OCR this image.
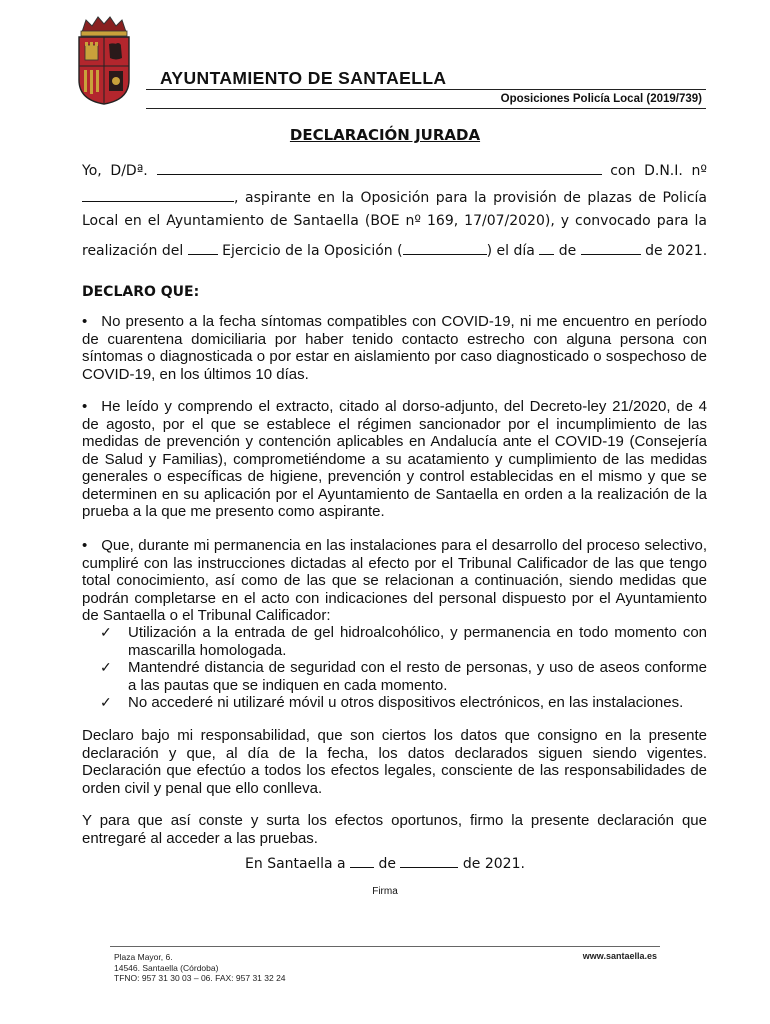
AYUNTAMIENTO DE SANTAELLA
Oposiciones Policía Local (2019/739)
DECLARACIÓN JURADA
Yo, D/Dª.	con D.N.I. nº
, aspirante en la Oposición para la provisión de plazas de Policía
Local en el Ayuntamiento de Santaella (BOE nº 169, 17/07/2020), y convocado para la
realización del	Ejercicio de la Oposición (	) el día de	de 2021.
DECLARO QUE:
• No presento a la fecha síntomas compatibles con COVID-19, ni me encuentro en período de cuarentena domiciliaria por haber tenido contacto estrecho con alguna persona con síntomas o diagnosticada o por estar en aislamiento por caso diagnosticado o sospechoso de COVID-19, en los últimos 10 días.
• He leído y comprendo el extracto, citado al dorso-adjunto, del Decreto-ley 21/2020, de 4 de agosto, por el que se establece el régimen sancionador por el incumplimiento de las medidas de prevención y contención aplicables en Andalucía ante el COVID-19 (Consejería de Salud y Familias), comprometiéndome a su acatamiento y cumplimiento de las medidas generales o específicas de higiene, prevención y control establecidas en el mismo y que se determinen en su aplicación por el Ayuntamiento de Santaella en orden a la realización de la prueba a la que me presento como aspirante.
• Que, durante mi permanencia en las instalaciones para el desarrollo del proceso selectivo, cumpliré con las instrucciones dictadas al efecto por el Tribunal Calificador de las que tengo total conocimiento, así como de las que se relacionan a continuación, siendo medidas que podrán completarse en el acto con indicaciones del personal dispuesto por el Ayuntamiento de Santaella o el Tribunal Calificador:
✓ Utilización a la entrada de gel hidroalcohólico, y permanencia en todo momento con mascarilla homologada.
✓ Mantendré distancia de seguridad con el resto de personas, y uso de aseos conforme a las pautas que se indiquen en cada momento.
✓ No accederé ni utilizaré móvil u otros dispositivos electrónicos, en las instalaciones.
Declaro bajo mi responsabilidad, que son ciertos los datos que consigno en la presente declaración y que, al día de la fecha, los datos declarados siguen siendo vigentes. Declaración que efectúo a todos los efectos legales, consciente de las responsabilidades de orden civil y penal que ello conlleva.
Y para que así conste y surta los efectos oportunos, firmo la presente declaración que entregaré al acceder a las pruebas.
En Santaella a de	de 2021.
Firma
Plaza Mayor, 6.
14546. Santaella (Córdoba)
TFNO: 957 31 30 03 – 06. FAX: 957 31 32 24
www.santaella.es
